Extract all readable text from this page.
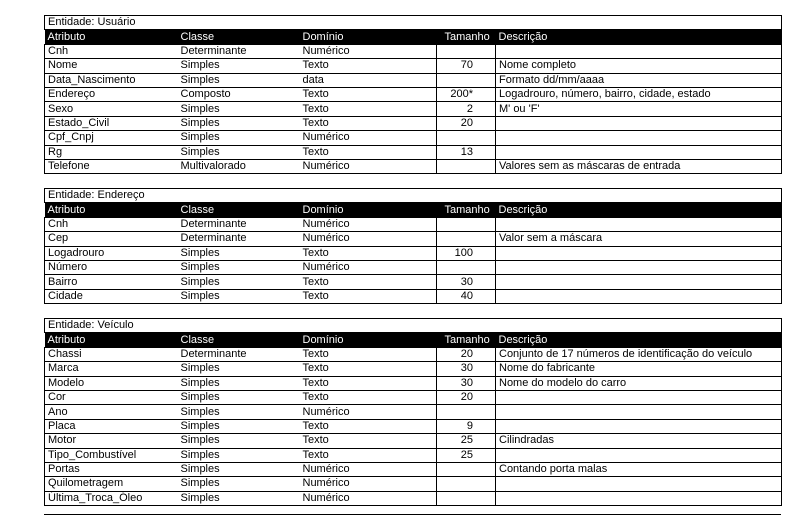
Entidade: Usuário				
Atributo	Classe	Domínio	Tamanho	Descrição
Cnh	Determinante	Numérico		
Nome	Simples	Texto	70	Nome completo
Data_Nascimento	Simples	data		Formato dd/mm/aaaa
Endereço	Composto	Texto	200*	Logadrouro, número, bairro, cidade, estado
Sexo	Simples	Texto	2	M' ou 'F'
Estado_Civil	Simples	Texto	20	
Cpf_Cnpj	Simples	Numérico		
Rg	Simples	Texto	13	
Telefone	Multivalorado	Numérico		Valores sem as máscaras de entrada
Entidade: Endereço				
Atributo	Classe	Domínio	Tamanho	Descrição
Cnh	Determinante	Numérico		
Cep	Determinante	Numérico		Valor sem a máscara
Logadrouro	Simples	Texto	100	
Número	Simples	Numérico		
Bairro	Simples	Texto	30	
Cidade	Simples	Texto	40	
Entidade: Veículo				
Atributo	Classe	Domínio	Tamanho	Descrição
Chassi	Determinante	Texto	20	Conjunto de 17 números de identificação do veículo
Marca	Simples	Texto	30	Nome do fabricante
Modelo	Simples	Texto	30	Nome do modelo do carro
Cor	Simples	Texto	20	
Ano	Simples	Numérico		
Placa	Simples	Texto	9	
Motor	Simples	Texto	25	Cilindradas
Tipo_Combustível	Simples	Texto	25	
Portas	Simples	Numérico		Contando porta malas
Quilometragem	Simples	Numérico		
Última_Troca_Óleo	Simples	Numérico		
